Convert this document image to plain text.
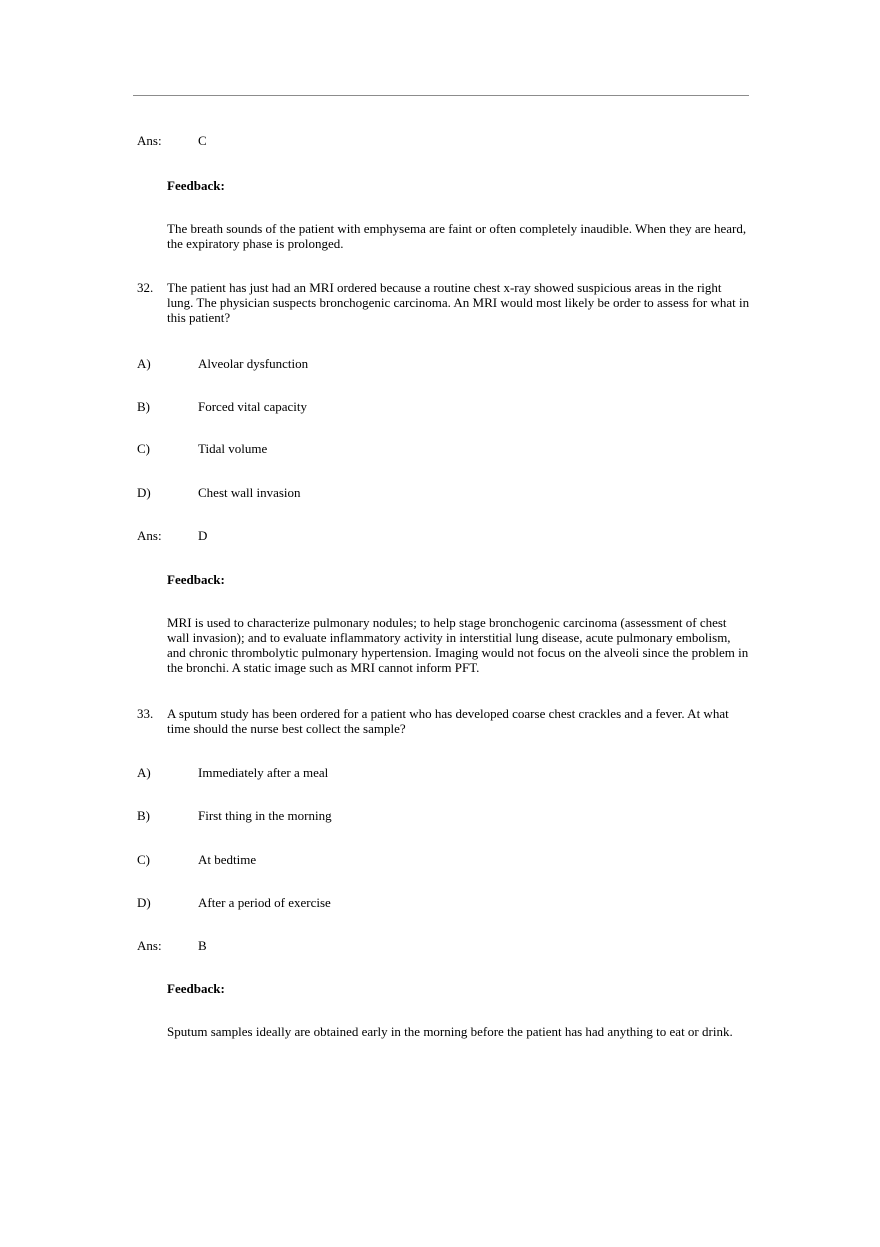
Ans:	C
Feedback:
The breath sounds of the patient with emphysema are faint or often completely inaudible. When they are heard, the expiratory phase is prolonged.
32. The patient has just had an MRI ordered because a routine chest x-ray showed suspicious areas in the right lung. The physician suspects bronchogenic carcinoma. An MRI would most likely be order to assess for what in this patient?
A)	Alveolar dysfunction
B)	Forced vital capacity
C)	Tidal volume
D)	Chest wall invasion
Ans:	D
Feedback:
MRI is used to characterize pulmonary nodules; to help stage bronchogenic carcinoma (assessment of chest wall invasion); and to evaluate inflammatory activity in interstitial lung disease, acute pulmonary embolism, and chronic thrombolytic pulmonary hypertension. Imaging would not focus on the alveoli since the problem in the bronchi. A static image such as MRI cannot inform PFT.
33. A sputum study has been ordered for a patient who has developed coarse chest crackles and a fever. At what time should the nurse best collect the sample?
A)	Immediately after a meal
B)	First thing in the morning
C)	At bedtime
D)	After a period of exercise
Ans:	B
Feedback:
Sputum samples ideally are obtained early in the morning before the patient has had anything to eat or drink.
